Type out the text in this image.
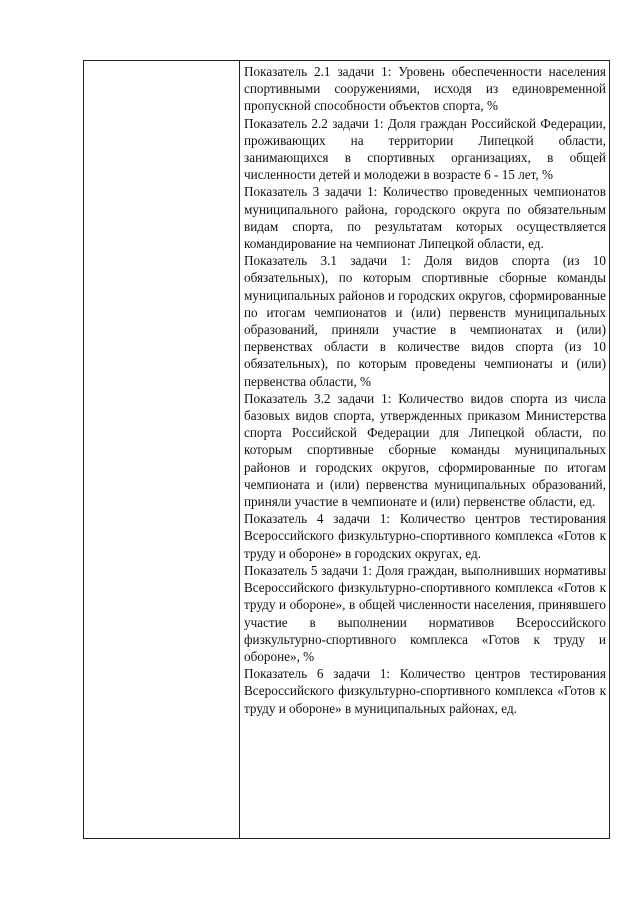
Показатель 2.1 задачи 1: Уровень обеспеченности населения спортивными сооружениями, исходя из единовременной пропускной способности объектов спорта, %

Показатель 2.2 задачи 1: Доля граждан Российской Федерации, проживающих на территории Липецкой области, занимающихся в спортивных организациях, в общей численности детей и молодежи в возрасте 6 - 15 лет, %

Показатель 3 задачи 1: Количество проведенных чемпионатов муниципального района, городского округа по обязательным видам спорта, по результатам которых осуществляется командирование на чемпионат Липецкой области, ед.

Показатель 3.1 задачи 1: Доля видов спорта (из 10 обязательных), по которым спортивные сборные команды муниципальных районов и городских округов, сформированные по итогам чемпионатов и (или) первенств муниципальных образований, приняли участие в чемпионатах и (или) первенствах области в количестве видов спорта (из 10 обязательных), по которым проведены чемпионаты и (или) первенства области, %

Показатель 3.2 задачи 1: Количество видов спорта из числа базовых видов спорта, утвержденных приказом Министерства спорта Российской Федерации для Липецкой области, по которым спортивные сборные команды муниципальных районов и городских округов, сформированные по итогам чемпионата и (или) первенства муниципальных образований, приняли участие в чемпионате и (или) первенстве области, ед.

Показатель 4 задачи 1: Количество центров тестирования Всероссийского физкультурно-спортивного комплекса «Готов к труду и обороне» в городских округах, ед.

Показатель 5 задачи 1: Доля граждан, выполнивших нормативы Всероссийского физкультурно-спортивного комплекса «Готов к труду и обороне», в общей численности населения, принявшего участие в выполнении нормативов Всероссийского физкультурно-спортивного комплекса «Готов к труду и обороне», %

Показатель 6 задачи 1: Количество центров тестирования Всероссийского физкультурно-спортивного комплекса «Готов к труду и обороне» в муниципальных районах, ед.
